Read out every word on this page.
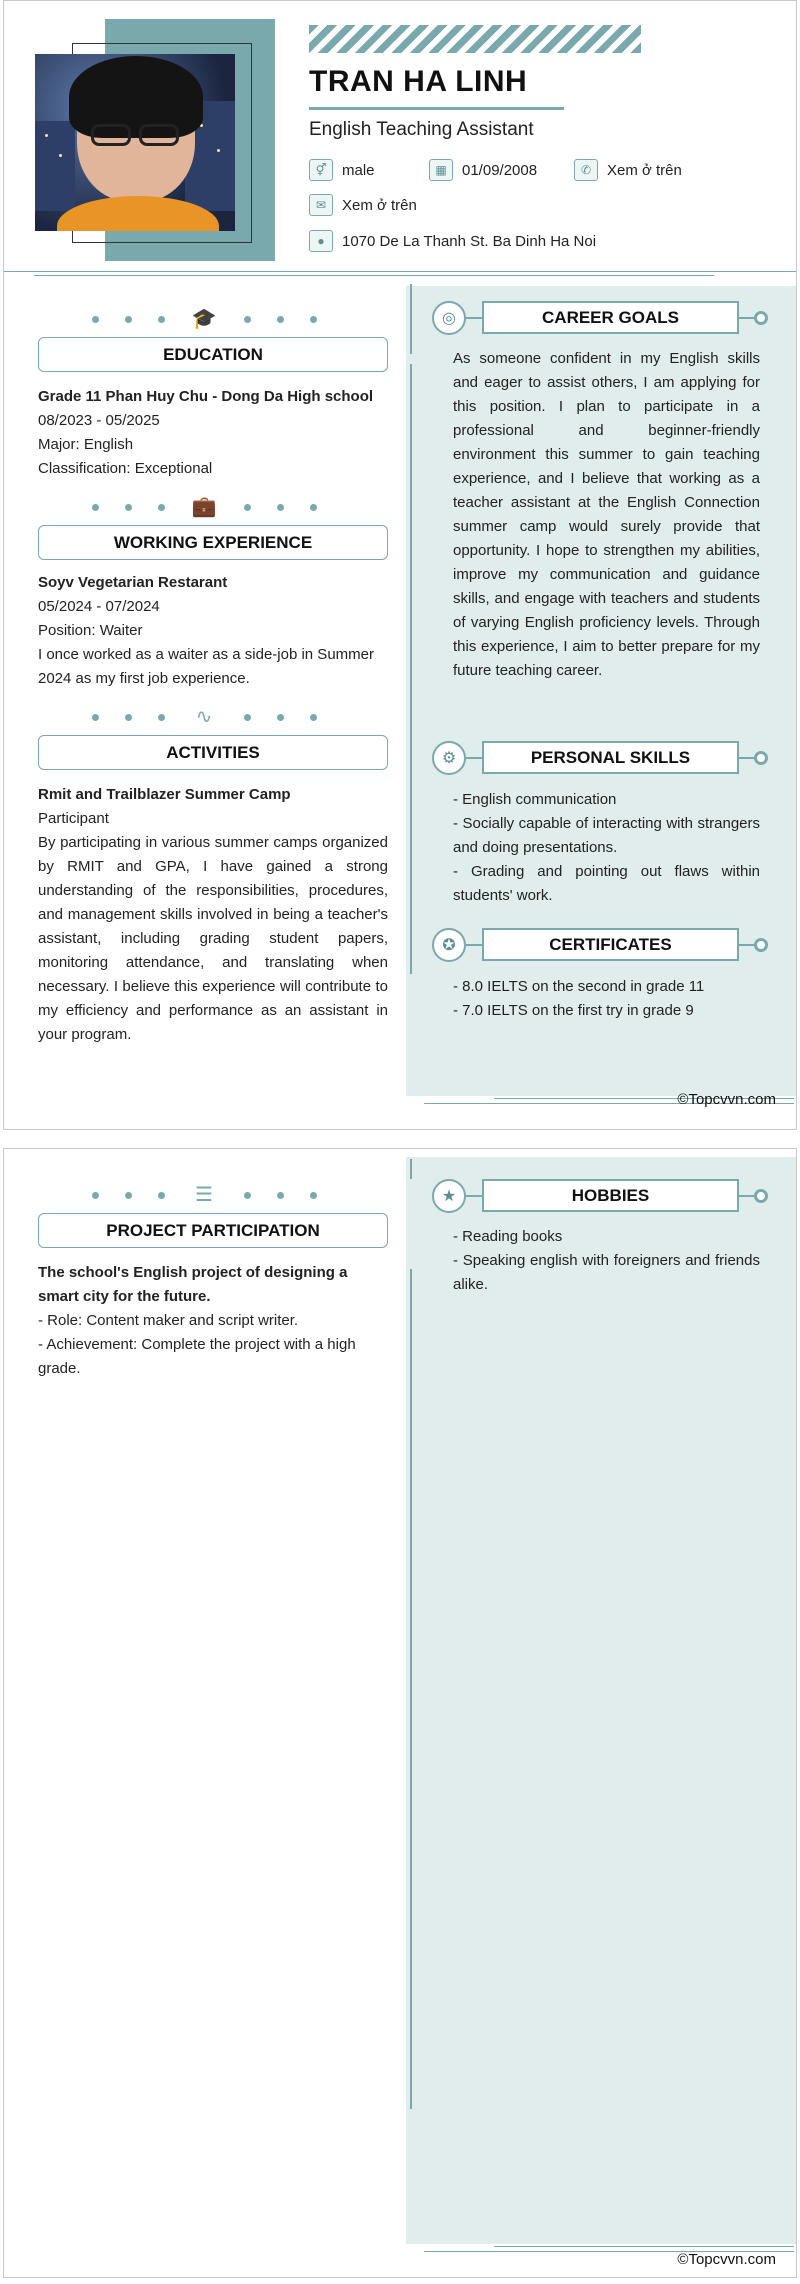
TRAN HA LINH
English Teaching Assistant
⚥	male	▦	01/09/2008	✆	Xem ở trên
✉	Xem ở trên
●	1070 De La Thanh St. Ba Dinh Ha Noi
◎	CAREER GOALS
As someone confident in my English skills and eager to assist others, I am applying for this position. I plan to participate in a professional and beginner-friendly environment this summer to gain teaching experience, and I believe that working as a teacher assistant at the English Connection summer camp would surely provide that opportunity. I hope to strengthen my abilities, improve my communication and guidance skills, and engage with teachers and students of varying English proficiency levels. Through this experience, I aim to better prepare for my future teaching career.
⚙	PERSONAL SKILLS
- English communication
- Socially capable of interacting with strangers and doing presentations.
- Grading and pointing out flaws within students' work.
✪	CERTIFICATES
- 8.0 IELTS on the second in grade 11
- 7.0 IELTS on the first try in grade 9
©Topcvvn.com
🎓
EDUCATION
Grade 11 Phan Huy Chu - Dong Da High school
08/2023 - 05/2025
Major: English
Classification: Exceptional
💼
WORKING EXPERIENCE
Soyv Vegetarian Restarant
05/2024 - 07/2024
Position: Waiter
I once worked as a waiter as a side-job in Summer 2024 as my first job experience.
∿
ACTIVITIES
Rmit and Trailblazer Summer Camp
Participant
By participating in various summer camps organized by RMIT and GPA, I have gained a strong understanding of the responsibilities, procedures, and management skills involved in being a teacher's assistant, including grading student papers, monitoring attendance, and translating when necessary. I believe this experience will contribute to my efficiency and performance as an assistant in your program.
★	HOBBIES
- Reading books
- Speaking english with foreigners and friends alike.
☰
PROJECT PARTICIPATION
The school's English project of designing a smart city for the future.
- Role: Content maker and script writer.
- Achievement: Complete the project with a high grade.
©Topcvvn.com
